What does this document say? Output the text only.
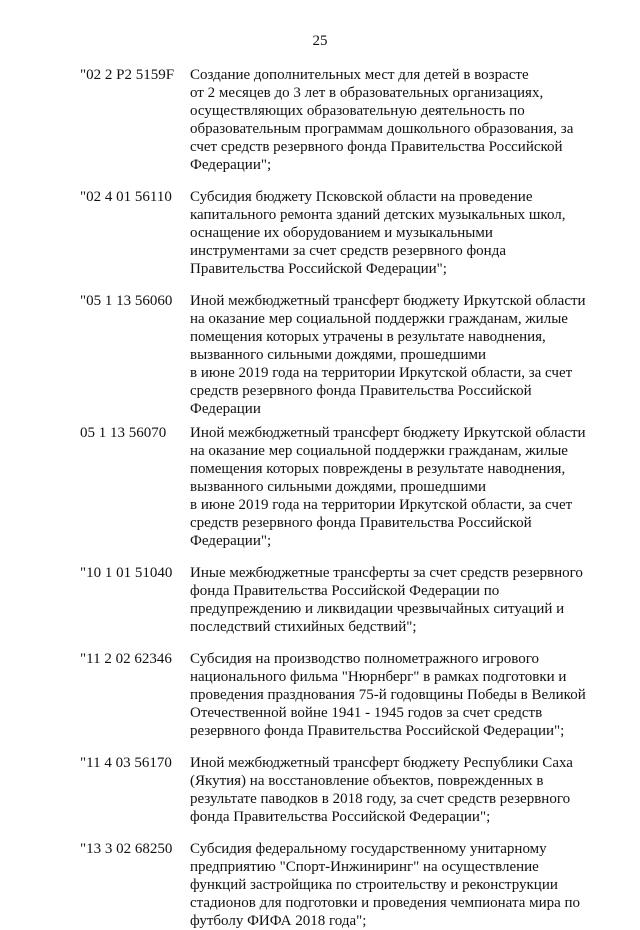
25
"02 2 P2 5159F	Создание дополнительных мест для детей в возрасте
от 2 месяцев до 3 лет в образовательных организациях,
осуществляющих образовательную деятельность по
образовательным программам дошкольного образования, за
счет средств резервного фонда Правительства Российской
Федерации";
"02 4 01 56110	Субсидия бюджету Псковской области на проведение
капитального ремонта зданий детских музыкальных школ,
оснащение их оборудованием и музыкальными
инструментами за счет средств резервного фонда
Правительства Российской Федерации";
"05 1 13 56060	Иной межбюджетный трансферт бюджету Иркутской области
на оказание мер социальной поддержки гражданам, жилые
помещения которых утрачены в результате наводнения,
вызванного сильными дождями, прошедшими
в июне 2019 года на территории Иркутской области, за счет
средств резервного фонда Правительства Российской
Федерации
05 1 13 56070	Иной межбюджетный трансферт бюджету Иркутской области
на оказание мер социальной поддержки гражданам, жилые
помещения которых повреждены в результате наводнения,
вызванного сильными дождями, прошедшими
в июне 2019 года на территории Иркутской области, за счет
средств резервного фонда Правительства Российской
Федерации";
"10 1 01 51040	Иные межбюджетные трансферты за счет средств резервного
фонда Правительства Российской Федерации по
предупреждению и ликвидации чрезвычайных ситуаций и
последствий стихийных бедствий";
"11 2 02 62346	Субсидия на производство полнометражного игрового
национального фильма "Нюрнберг" в рамках подготовки и
проведения празднования 75-й годовщины Победы в Великой
Отечественной войне 1941 - 1945 годов за счет средств
резервного фонда Правительства Российской Федерации";
"11 4 03 56170	Иной межбюджетный трансферт бюджету Республики Саха
(Якутия) на восстановление объектов, поврежденных в
результате паводков в 2018 году, за счет средств резервного
фонда Правительства Российской Федерации";
"13 3 02 68250	Субсидия федеральному государственному унитарному
предприятию "Спорт-Инжиниринг" на осуществление
функций застройщика по строительству и реконструкции
стадионов для подготовки и проведения чемпионата мира по
футболу ФИФА 2018 года";
